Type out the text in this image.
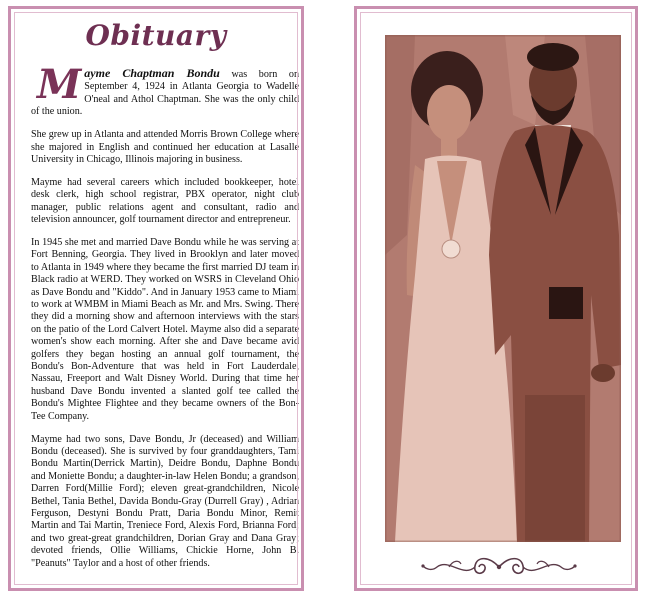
Obituary

Mayme Chaptman Bondu was born on September 4, 1924 in Atlanta Georgia to Wadelle O'neal and Athol Chaptman. She was the only child of the union.

She grew up in Atlanta and attended Morris Brown College where she majored in English and continued her education at Lasalle University in Chicago, Illinois majoring in business.

Mayme had several careers which included bookkeeper, hotel desk clerk, high school registrar, PBX operator, night club manager, public relations agent and consultant, radio and television announcer, golf tournament director and entrepreneur.

In 1945 she met and married Dave Bondu while he was serving at Fort Benning, Georgia. They lived in Brooklyn and later moved to Atlanta in 1949 where they became the first married DJ team in Black radio at WERD. They worked on WSRS in Cleveland Ohio as Dave Bondu and "Kiddo". And in January 1953 came to Miami to work at WMBM in Miami Beach as Mr. and Mrs. Swing. There they did a morning show and afternoon interviews with the stars on the patio of the Lord Calvert Hotel. Mayme also did a separate women's show each morning. After she and Dave became avid golfers they began hosting an annual golf tournament, the Bondu's Bon-Adventure that was held in Fort Lauderdale, Nassau, Freeport and Walt Disney World. During that time her husband Dave Bondu invented a slanted golf tee called the Bondu's Mightee Flightee and they became owners of the Bon-Tee Company.

Mayme had two sons, Dave Bondu, Jr (deceased) and William Bondu (deceased). She is survived by four granddaughters, Tami Bondu Martin(Derrick Martin), Deidre Bondu, Daphne Bondu and Moniette Bondu; a daughter-in-law Helen Bondu; a grandson, Darren Ford(Millie Ford); eleven great-grandchildren, Nicole Bethel, Tania Bethel, Davida Bondu-Gray (Durrell Gray) , Adrian Ferguson, Destyni Bondu Pratt, Daria Bondu Minor, Remit Martin and Tai Martin, Treniece Ford, Alexis Ford, Brianna Ford; and two great-great grandchildren, Dorian Gray and Dana Gray; devoted friends, Ollie Williams, Chickie Horne, John B. "Peanuts" Taylor and a host of other friends.
